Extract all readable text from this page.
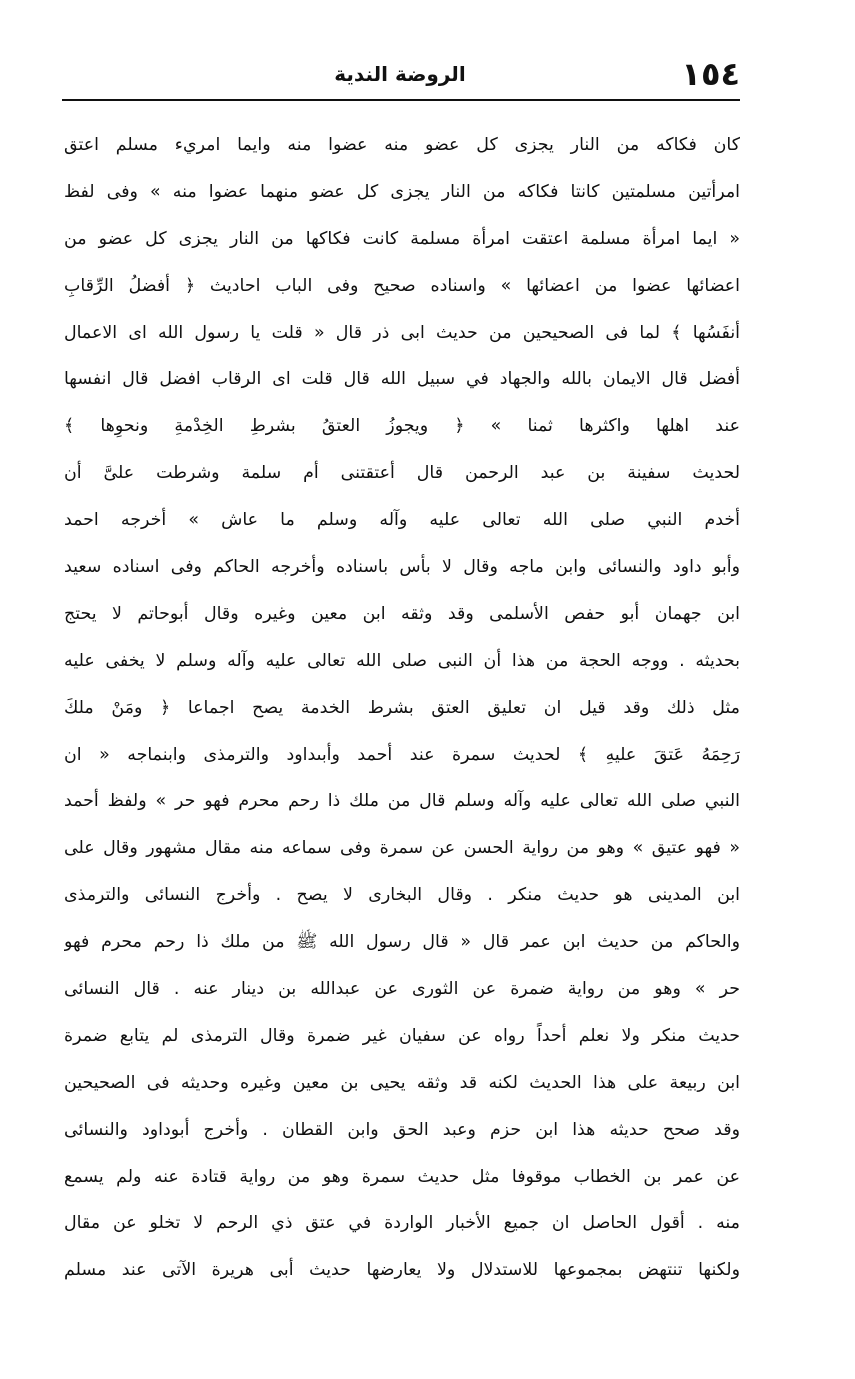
١٥٤
الروضة الندية
كان فكاكه من النار يجزى كل عضو منه عضوا منه وايما امريء مسلم اعتق
امرأتين مسلمتين كانتا فكاكه من النار يجزى كل عضو منهما عضوا منه » وفى لفظ
« ايما امرأة مسلمة اعتقت امرأة مسلمة كانت فكاكها من النار يجزى كل عضو من
اعضائها عضوا من اعضائها » واسناده صحيح وفى الباب احاديث ﴿ أفضلُ الرِّقابِ
أنفَسُها ﴾ لما فى الصحيحين من حديث ابى ذر قال « قلت يا رسول الله اى الاعمال
أفضل قال الايمان بالله والجهاد في سبيل الله قال قلت اى الرقاب افضل قال انفسها
عند اهلها واكثرها ثمنا » ﴿ ويجوزُ العتقُ بشرطِ الخِدْمةِ ونحوِها ﴾
لحديث سفينة بن عبد الرحمن قال أعتقتنى أم سلمة وشرطت علىَّ أن
أخدم النبي صلى الله تعالى عليه وآله وسلم ما عاش » أخرجه احمد
وأبو داود والنسائى وابن ماجه وقال لا بأس باسناده وأخرجه الحاكم وفى اسناده سعيد
ابن جهمان أبو حفص الأسلمى وقد وثقه ابن معين وغيره وقال أبوحاتم لا يحتج
بحديثه . ووجه الحجة من هذا أن النبى صلى الله تعالى عليه وآله وسلم لا يخفى عليه
مثل ذلك وقد قيل ان تعليق العتق بشرط الخدمة يصح اجماعا ﴿ ومَنْ ملكَ
رَحِمَهُ عَتقَ عليهِ ﴾ لحديث سمرة عند أحمد وأبىداود والترمذى وابنماجه « ان
النبي صلى الله تعالى عليه وآله وسلم قال من ملك ذا رحم محرم فهو حر » ولفظ أحمد
« فهو عتيق » وهو من رواية الحسن عن سمرة وفى سماعه منه مقال مشهور وقال على
ابن المدينى هو حديث منكر . وقال البخارى لا يصح . وأخرج النسائى والترمذى
والحاكم من حديث ابن عمر قال « قال رسول الله ﷺ من ملك ذا رحم محرم فهو
حر » وهو من رواية ضمرة عن الثورى عن عبدالله بن دينار عنه . قال النسائى
حديث منكر ولا نعلم أحداً رواه عن سفيان غير ضمرة وقال الترمذى لم يتابع ضمرة
ابن ربيعة على هذا الحديث لكنه قد وثقه يحيى بن معين وغيره وحديثه فى الصحيحين
وقد صحح حديثه هذا ابن حزم وعبد الحق وابن القطان . وأخرج أبوداود والنسائى
عن عمر بن الخطاب موقوفا مثل حديث سمرة وهو من رواية قتادة عنه ولم يسمع
منه . أقول الحاصل ان جميع الأخبار الواردة في عتق ذي الرحم لا تخلو عن مقال
ولكنها تنتهض بمجموعها للاستدلال ولا يعارضها حديث أبى هريرة الآتى عند مسلم
